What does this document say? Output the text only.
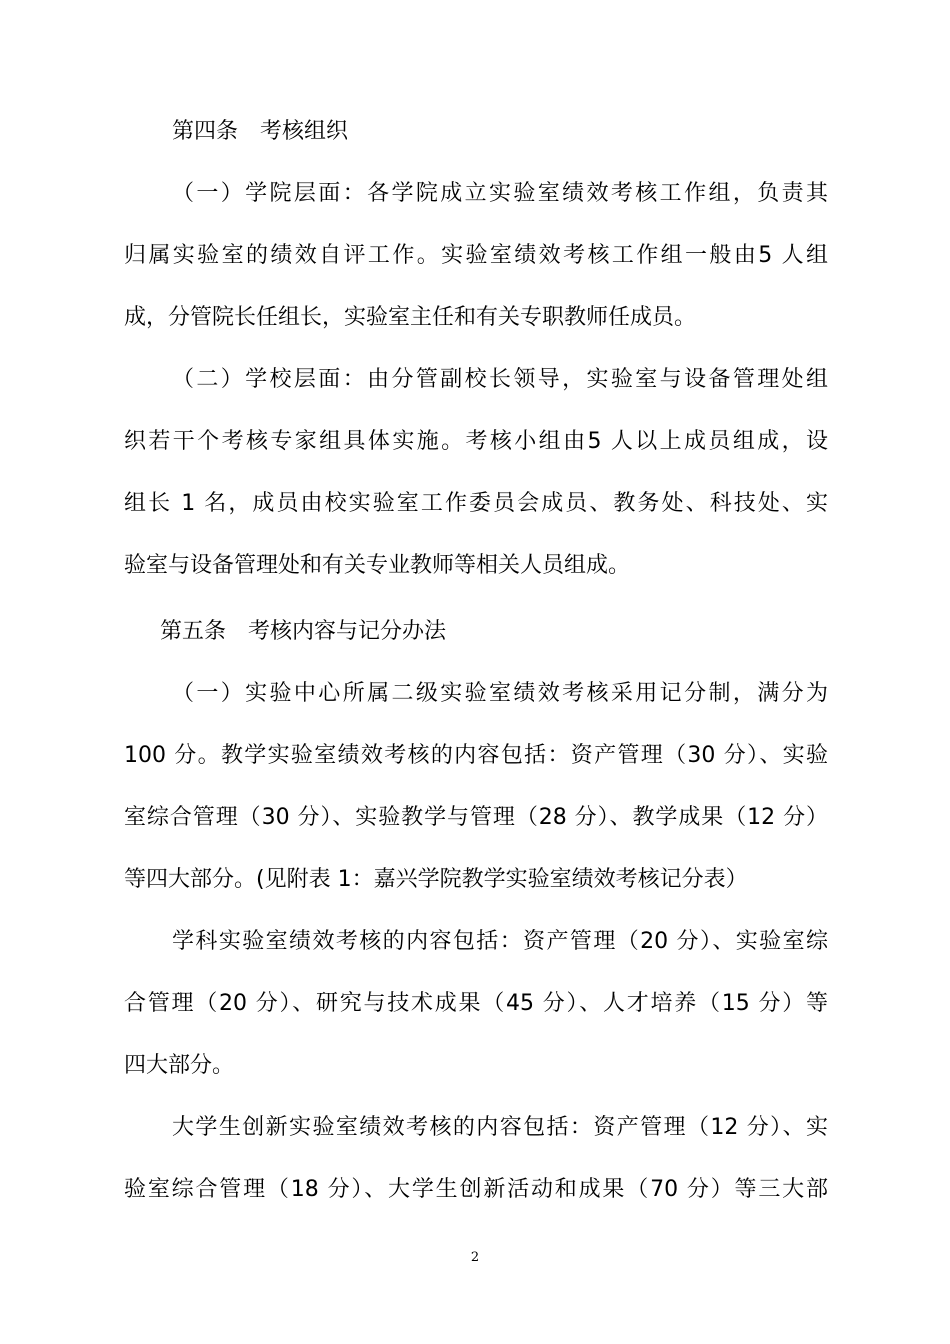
第四条　考核组织
（一）学院层面：各学院成立实验室绩效考核工作组，负责其
归属实验室的绩效自评工作。实验室绩效考核工作组一般由5 人组
成，分管院长任组长，实验室主任和有关专职教师任成员。
（二）学校层面：由分管副校长领导，实验室与设备管理处组
织若干个考核专家组具体实施。考核小组由5 人以上成员组成，设
组长 1 名，成员由校实验室工作委员会成员、教务处、科技处、实
验室与设备管理处和有关专业教师等相关人员组成。
第五条　考核内容与记分办法
（一）实验中心所属二级实验室绩效考核采用记分制，满分为
100 分。教学实验室绩效考核的内容包括：资产管理（30 分）、实验
室综合管理（30 分）、实验教学与管理（28 分）、教学成果（12 分）
等四大部分。(见附表 1：嘉兴学院教学实验室绩效考核记分表）
学科实验室绩效考核的内容包括：资产管理（20 分）、实验室综
合管理（20 分）、研究与技术成果（45 分）、人才培养（15 分）等
四大部分。
大学生创新实验室绩效考核的内容包括：资产管理（12 分）、实
验室综合管理（18 分）、大学生创新活动和成果（70 分）等三大部
2
